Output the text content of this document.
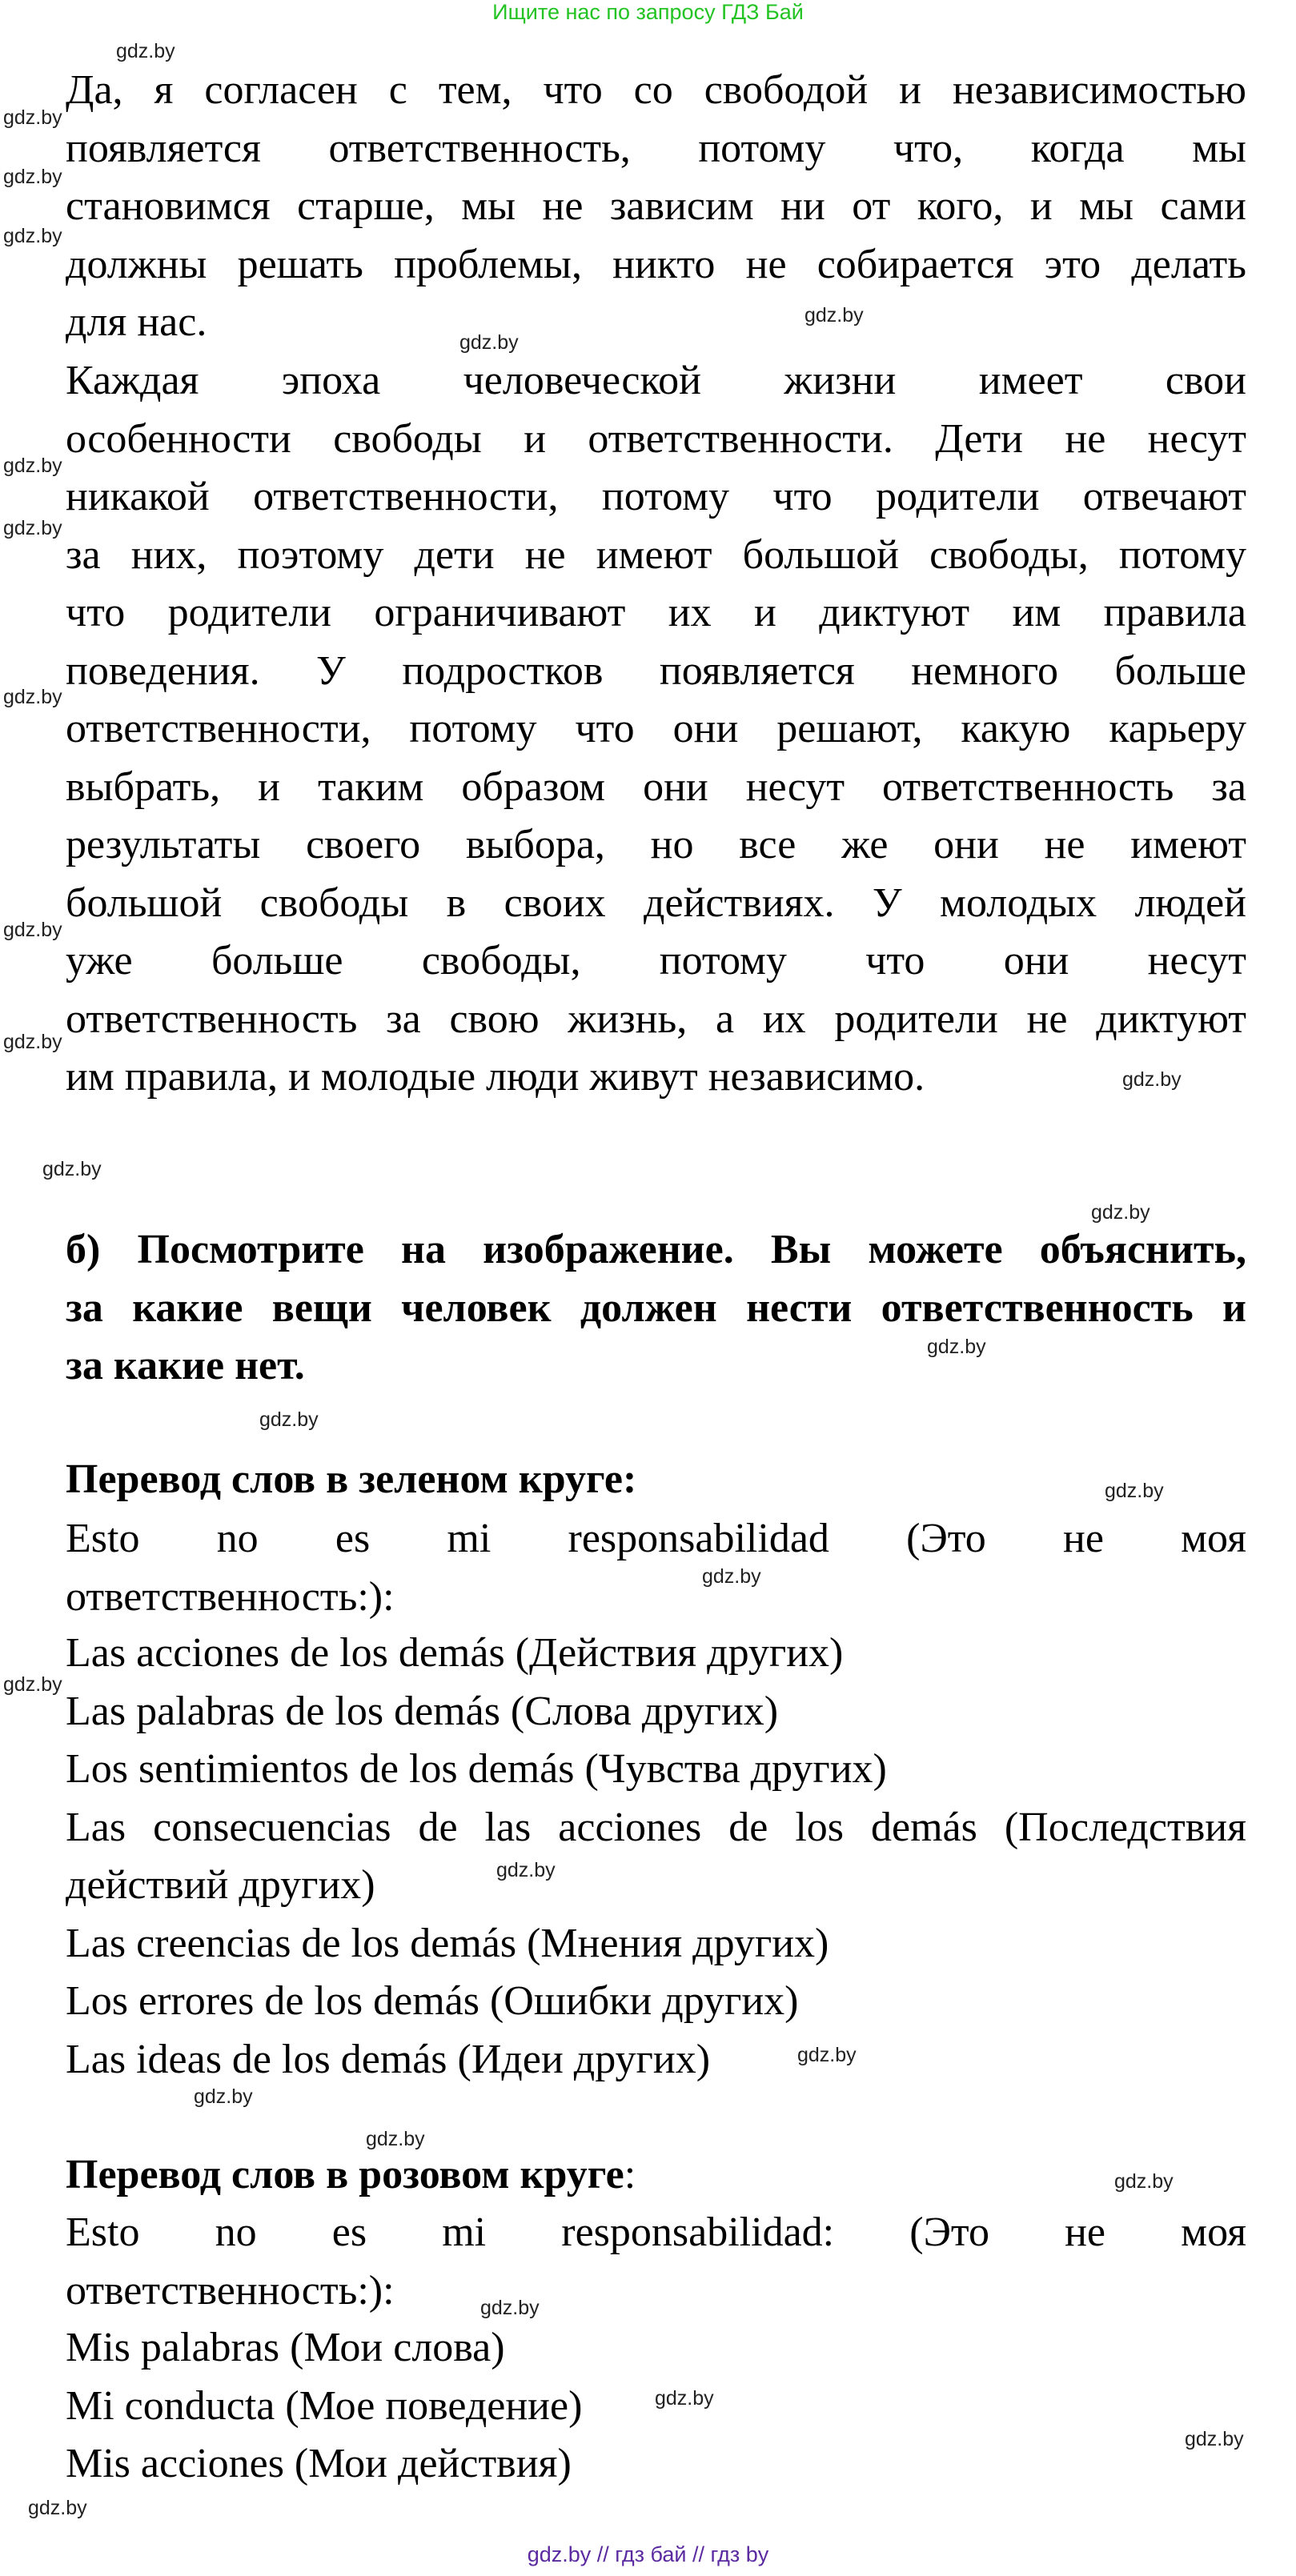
Ищите нас по запросу ГДЗ Бай
Да, я согласен с тем, что со свободой и независимостью
появляется ответственность, потому что, когда мы
становимся старше, мы не зависим ни от кого, и мы сами
должны решать проблемы, никто не собирается это делать
для нас.
Каждая эпоха человеческой жизни имеет свои
особенности свободы и ответственности. Дети не несут
никакой ответственности, потому что родители отвечают
за них, поэтому дети не имеют большой свободы, потому
что родители ограничивают их и диктуют им правила
поведения. У подростков появляется немного больше
ответственности, потому что они решают, какую карьеру
выбрать, и таким образом они несут ответственность за
результаты своего выбора, но все же они не имеют
большой свободы в своих действиях. У молодых людей
уже больше свободы, потому что они несут
ответственность за свою жизнь, а их родители не диктуют
им правила, и молодые люди живут независимо.
б) Посмотрите на изображение. Вы можете объяснить,
за какие вещи человек должен нести ответственность и
за какие нет.
Перевод слов в зеленом круге:
Esto no es mi responsabilidad (Это не моя
ответственность:):
Las acciones de los demás (Действия других)
Las palabras de los demás (Слова других)
Los sentimientos de los demás (Чувства других)
Las consecuencias de las acciones de los demás (Последствия
действий других)
Las creencias de los demás (Мнения других)
Los errores de los demás (Ошибки других)
Las ideas de los demás (Идеи других)
Перевод слов в розовом круге:
Esto no es mi responsabilidad: (Это не моя
ответственность:):
Mis palabras (Мои слова)
Mi conducta (Мое поведение)
Mis acciones (Мои действия)
gdz.by
gdz.by
gdz.by
gdz.by
gdz.by
gdz.by
gdz.by
gdz.by
gdz.by
gdz.by
gdz.by
gdz.by
gdz.by
gdz.by
gdz.by
gdz.by
gdz.by
gdz.by
gdz.by
gdz.by
gdz.by
gdz.by
gdz.by
gdz.by
gdz.by
gdz.by
gdz.by
gdz.by
gdz.by // гдз бай // гдз by
